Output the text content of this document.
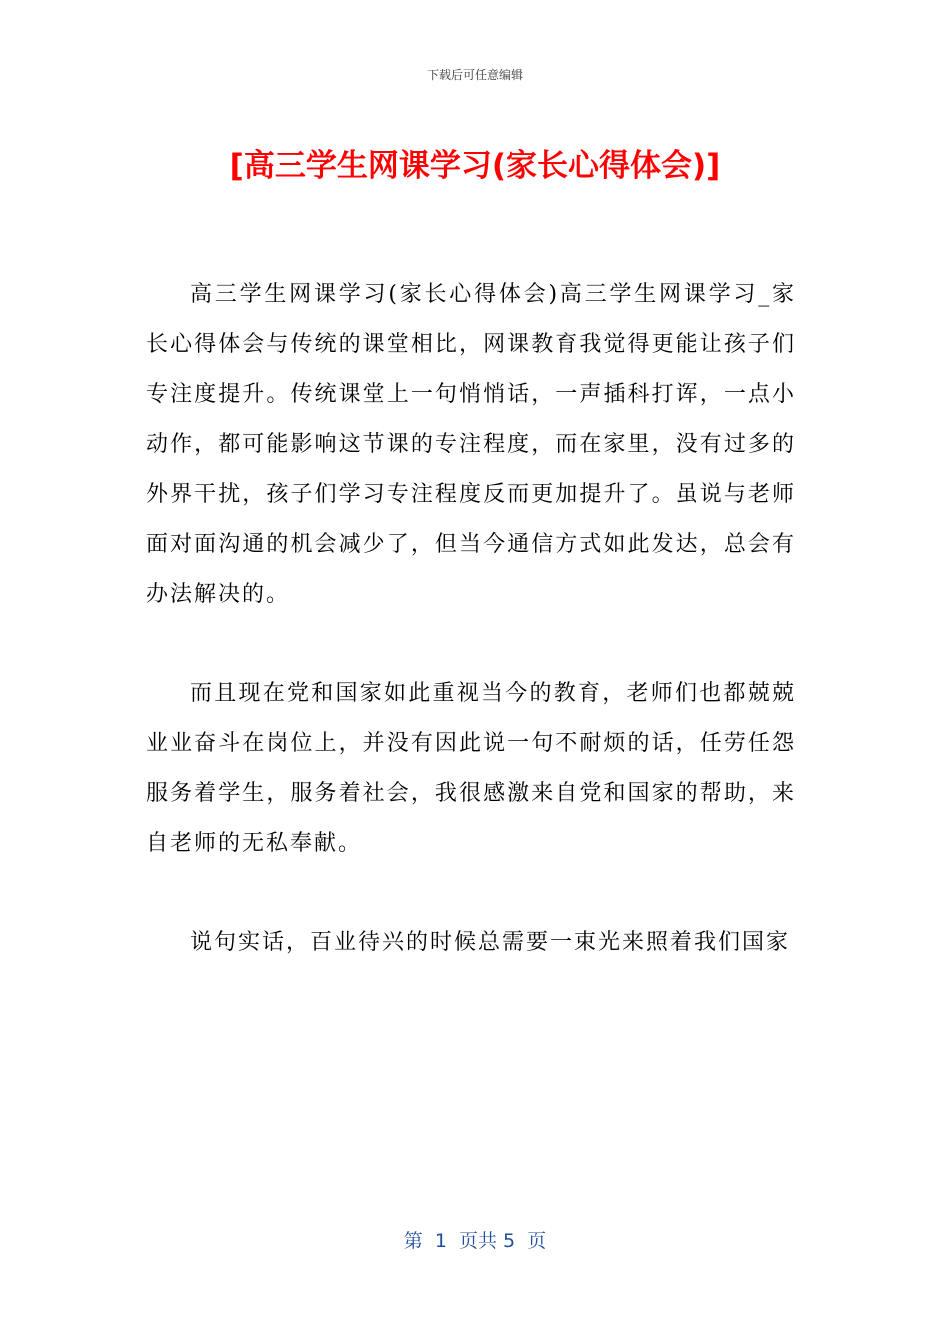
下载后可任意编辑
[高三学生网课学习(家长心得体会)]

高三学生网课学习(家长心得体会)高三学生网课学习_家长心得体会与传统的课堂相比，网课教育我觉得更能让孩子们专注度提升。传统课堂上一句悄悄话，一声插科打诨，一点小动作，都可能影响这节课的专注程度，而在家里，没有过多的外界干扰，孩子们学习专注程度反而更加提升了。虽说与老师面对面沟通的机会减少了，但当今通信方式如此发达，总会有办法解决的。

而且现在党和国家如此重视当今的教育，老师们也都兢兢业业奋斗在岗位上，并没有因此说一句不耐烦的话，任劳任怨服务着学生，服务着社会，我很感激来自党和国家的帮助，来自老师的无私奉献。

说句实话，百业待兴的时候总需要一束光来照着我们国家

第  1  页共 5  页
